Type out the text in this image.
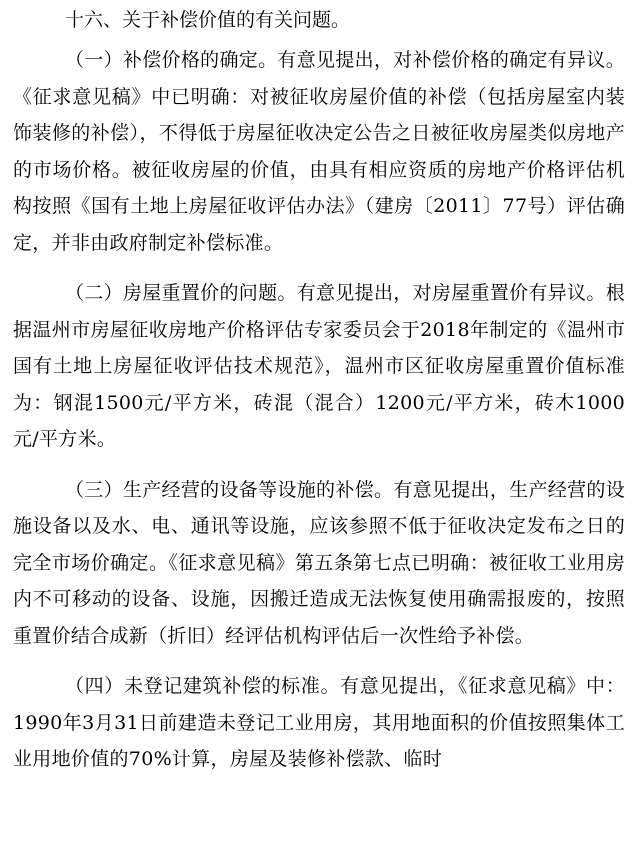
十六、关于补偿价值的有关问题。

（一）补偿价格的确定。有意见提出，对补偿价格的确定有异议。《征求意见稿》中已明确：对被征收房屋价值的补偿（包括房屋室内装饰装修的补偿），不得低于房屋征收决定公告之日被征收房屋类似房地产的市场价格。被征收房屋的价值，由具有相应资质的房地产价格评估机构按照《国有土地上房屋征收评估办法》（建房〔2011〕77号）评估确定，并非由政府制定补偿标准。

（二）房屋重置价的问题。有意见提出，对房屋重置价有异议。根据温州市房屋征收房地产价格评估专家委员会于2018年制定的《温州市国有土地上房屋征收评估技术规范》，温州市区征收房屋重置价值标准为：钢混1500元/平方米，砖混（混合）1200元/平方米，砖木1000元/平方米。

（三）生产经营的设备等设施的补偿。有意见提出，生产经营的设施设备以及水、电、通讯等设施，应该参照不低于征收决定发布之日的完全市场价确定。《征求意见稿》第五条第七点已明确：被征收工业用房内不可移动的设备、设施，因搬迁造成无法恢复使用确需报废的，按照重置价结合成新（折旧）经评估机构评估后一次性给予补偿。

（四）未登记建筑补偿的标准。有意见提出，《征求意见稿》中：1990年3月31日前建造未登记工业用房，其用地面积的价值按照集体工业用地价值的70%计算，房屋及装修补偿款、临时
